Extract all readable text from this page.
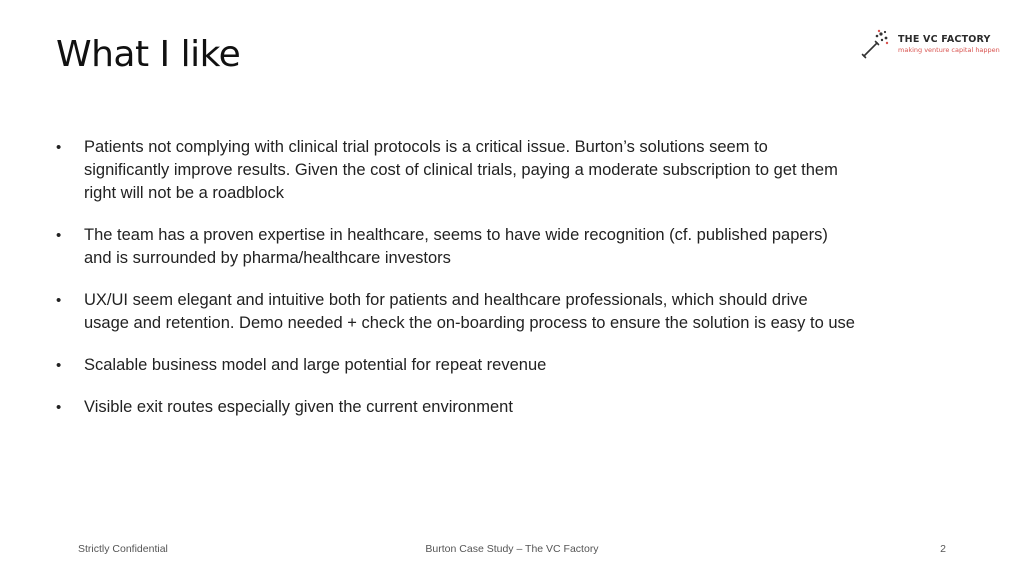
What I like	THE VC FACTORY
making venture capital happen
•	Patients not complying with clinical trial protocols is a critical issue. Burton’s solutions seem to significantly improve results. Given the cost of clinical trials, paying a moderate subscription to get them right will not be a roadblock
•	The team has a proven expertise in healthcare, seems to have wide recognition (cf. published papers) and is surrounded by pharma/healthcare investors
•	UX/UI seem elegant and intuitive both for patients and healthcare professionals, which should drive usage and retention. Demo needed + check the on-boarding process to ensure the solution is easy to use
•	Scalable business model and large potential for repeat revenue
•	Visible exit routes especially given the current environment
Strictly Confidential	Burton Case Study – The VC Factory	2
